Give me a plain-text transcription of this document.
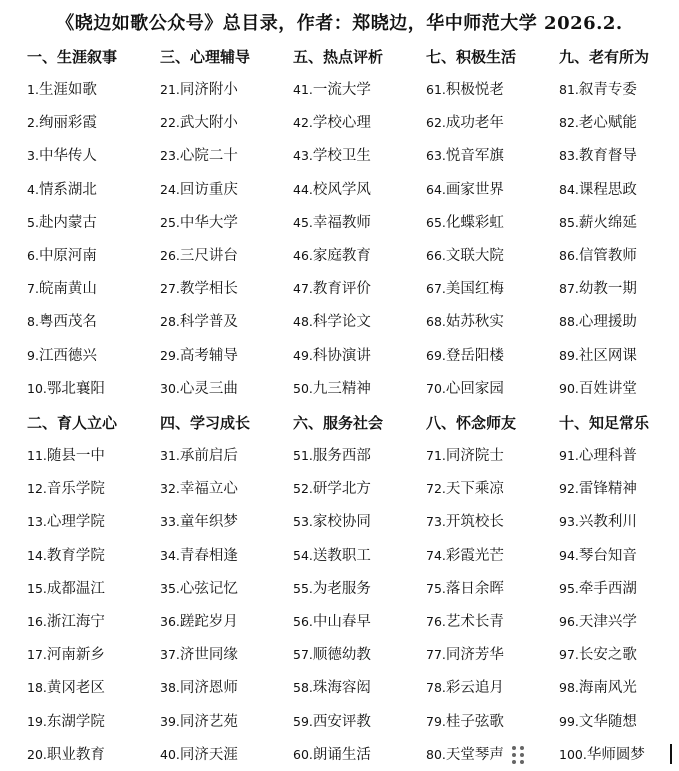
《晓边如歌公众号》总目录，作者：郑晓边，华中师范大学 2026.2.
一、生涯叙事
1.生涯如歌
2.绚丽彩霞
3.中华传人
4.情系湖北
5.赴内蒙古
6.中原河南
7.皖南黄山
8.粤西茂名
9.江西德兴
10.鄂北襄阳
二、育人立心
11.随县一中
12.音乐学院
13.心理学院
14.教育学院
15.成都温江
16.浙江海宁
17.河南新乡
18.黄冈老区
19.东湖学院
20.职业教育
三、心理辅导
21.同济附小
22.武大附小
23.心院二十
24.回访重庆
25.中华大学
26.三尺讲台
27.教学相长
28.科学普及
29.高考辅导
30.心灵三曲
四、学习成长
31.承前启后
32.幸福立心
33.童年织梦
34.青春相逢
35.心弦记忆
36.蹉跎岁月
37.济世同缘
38.同济恩师
39.同济艺苑
40.同济天涯
五、热点评析
41.一流大学
42.学校心理
43.学校卫生
44.校风学风
45.幸福教师
46.家庭教育
47.教育评价
48.科学论文
49.科协演讲
50.九三精神
六、服务社会
51.服务西部
52.研学北方
53.家校协同
54.送教职工
55.为老服务
56.中山春早
57.顺德幼教
58.珠海容闳
59.西安评教
60.朗诵生活
七、积极生活
61.积极悦老
62.成功老年
63.悦音军旗
64.画家世界
65.化蝶彩虹
66.文联大院
67.美国红梅
68.姑苏秋实
69.登岳阳楼
70.心回家园
八、怀念师友
71.同济院士
72.天下乘凉
73.开筑校长
74.彩霞光芒
75.落日余晖
76.艺术长青
77.同济芳华
78.彩云追月
79.桂子弦歌
80.天堂琴声
九、老有所为
81.叙青专委
82.老心赋能
83.教育督导
84.课程思政
85.薪火绵延
86.信管教师
87.幼教一期
88.心理援助
89.社区网课
90.百姓讲堂
十、知足常乐
91.心理科普
92.雷锋精神
93.兴教利川
94.琴台知音
95.牵手西湖
96.天津兴学
97.长安之歌
98.海南风光
99.文华随想
100.华师圆梦
